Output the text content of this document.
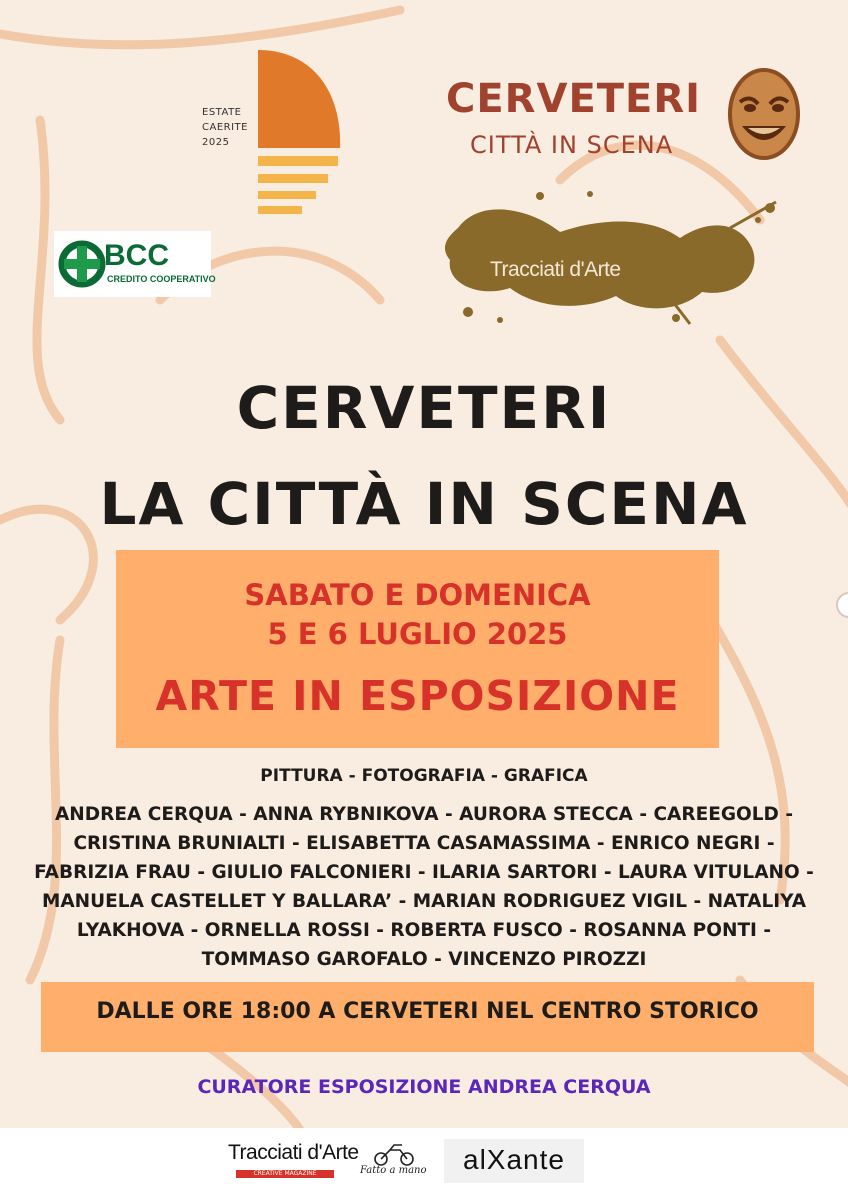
ESTATE
CAERITE
2025
CERVETERI
CITTÀ IN SCENA
BCC
CREDITO COOPERATIVO	Tracciati d'Arte
CERVETERI
LA CITTÀ IN SCENA
SABATO E DOMENICA
5 E 6 LUGLIO 2025
ARTE IN ESPOSIZIONE
PITTURA - FOTOGRAFIA - GRAFICA
ANDREA CERQUA - ANNA RYBNIKOVA - AURORA STECCA - CAREEGOLD -
CRISTINA BRUNIALTI - ELISABETTA CASAMASSIMA - ENRICO NEGRI -
FABRIZIA FRAU - GIULIO FALCONIERI - ILARIA SARTORI - LAURA VITULANO -
MANUELA CASTELLET Y BALLARA’ - MARIAN RODRIGUEZ VIGIL - NATALIYA
LYAKHOVA - ORNELLA ROSSI - ROBERTA FUSCO - ROSANNA PONTI -
TOMMASO GAROFALO - VINCENZO PIROZZI
DALLE ORE 18:00 A CERVETERI NEL CENTRO STORICO
CURATORE ESPOSIZIONE ANDREA CERQUA
Tracciati d'Arte
CREATIVE MAGAZINE	Fatto a mano	alXante
